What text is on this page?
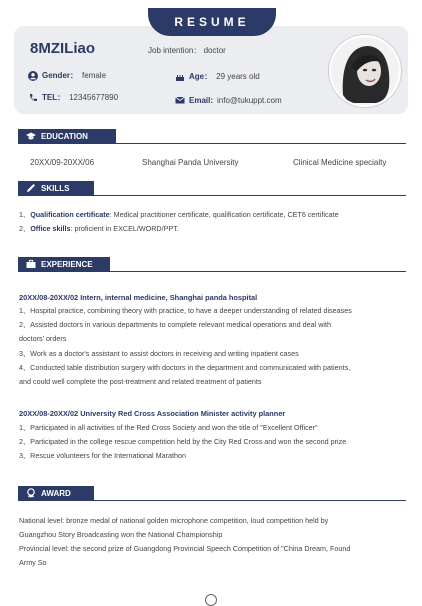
RESUME
8MZILiao	Job intention： doctor
Gender： female	Age： 29 years old
TEL： 12345677890	Email: info@tukuppt.com
EDUCATION
20XX/09-20XX/06	Shanghai Panda University	Clinical Medicine specialty
SKILLS
1、Qualification certificate: Medical practitioner certificate, qualification certificate, CET6 certificate
2、Office skills: proficient in EXCEL/WORD/PPT.
EXPERIENCE
20XX/08-20XX/02 Intern, internal medicine, Shanghai panda hospital
1、Hospital practice, combining theory with practice, to have a deeper understanding of related diseases
2、Assisted doctors in various departments to complete relevant medical operations and deal with
doctors' orders
3、Work as a doctor's assistant to assist doctors in receiving and writing inpatient cases
4、Conducted table distribution surgery with doctors in the department and communicated with patients,
and could well complete the post-treatment and related treatment of patients
20XX/08-20XX/02 University Red Cross Association Minister activity planner
1、Participated in all activities of the Red Cross Society and won the title of "Excellent Officer"
2、Participated in the college rescue competition held by the City Red Cross and won the second prize
3、Rescue volunteers for the International Marathon
AWARD
National level: bronze medal of national golden microphone competition, loud competition held by
Guangzhou Story Broadcasting won the National Championship
Provincial level: the second prize of Guangdong Provincial Speech Competition of "China Dream, Found
Army So
